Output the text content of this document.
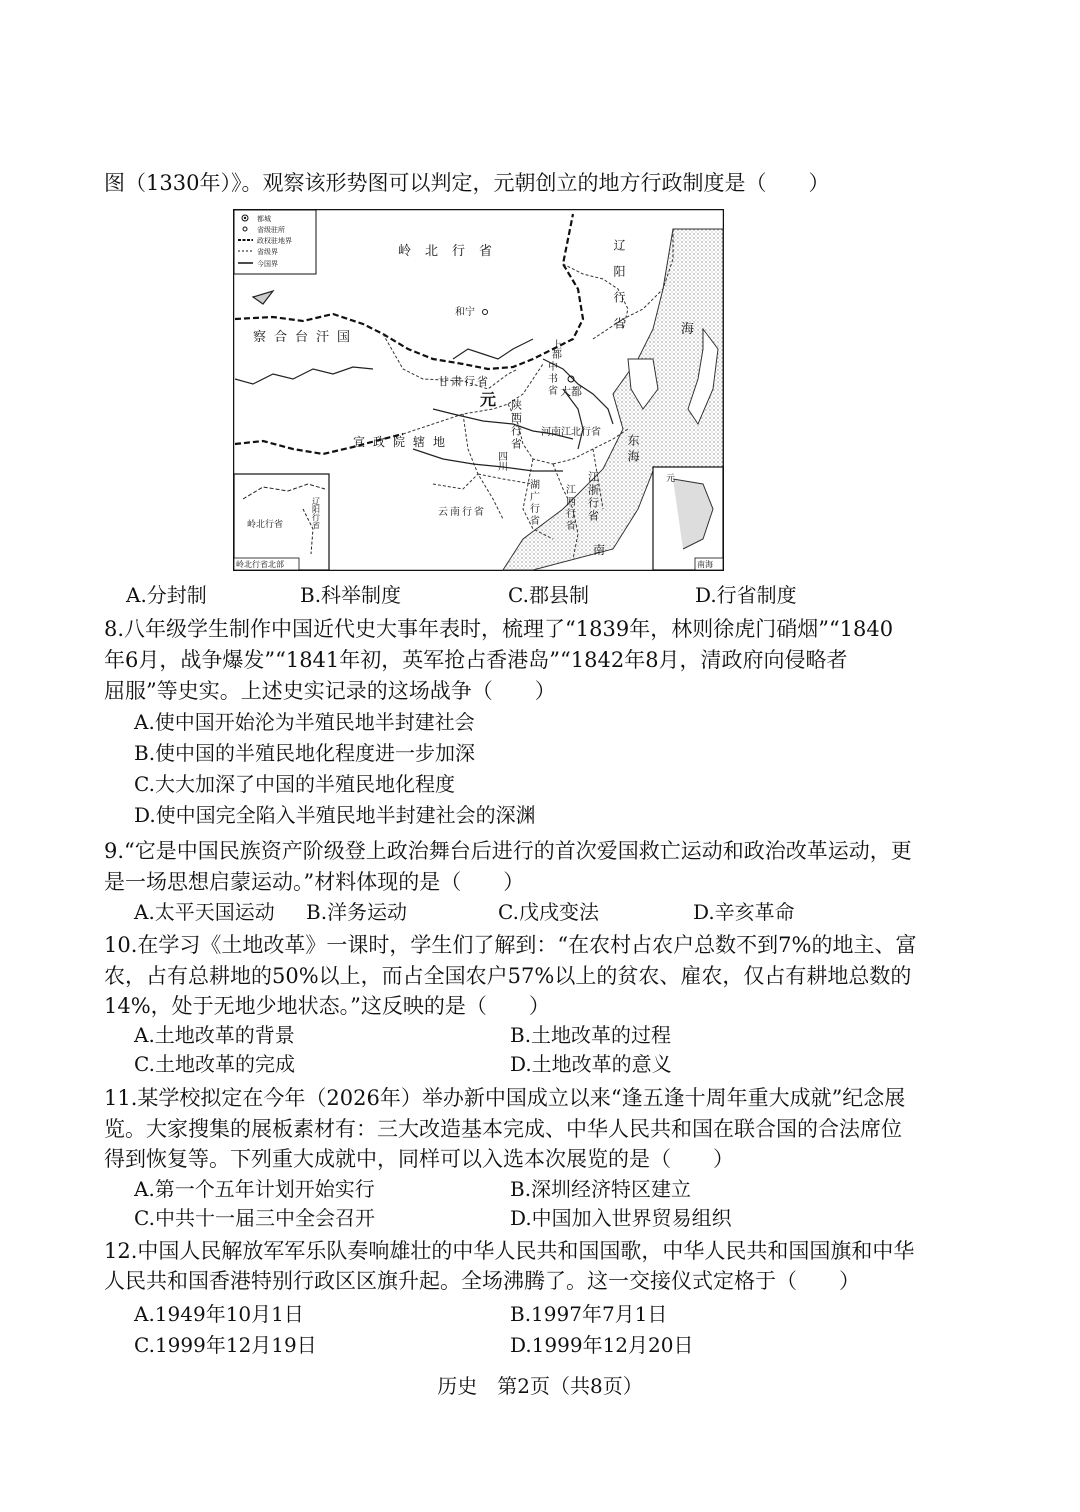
图（1330年）》。观察该形势图可以判定，元朝创立的地方行政制度是（　　）
都城
省级驻所
政权驻地界
省级界
今国界
岭北行省	辽阳行省	海
察合台汗国
和宁
上都
中书省 大都
甘肃行省
元 陕西行省
宣政院辖地
河南江北行省
东海
四川
江浙行省
江西行省
湖广行省
云南行省
南
岭北行省	辽阳行省
岭北行省北部
元
南海
A.分封制	B.科举制度	C.郡县制	D.行省制度
8.八年级学生制作中国近代史大事年表时，梳理了“1839年，林则徐虎门硝烟”“1840
年6月，战争爆发”“1841年初，英军抢占香港岛”“1842年8月，清政府向侵略者
屈服”等史实。上述史实记录的这场战争（　　）
A.使中国开始沦为半殖民地半封建社会
B.使中国的半殖民地化程度进一步加深
C.大大加深了中国的半殖民地化程度
D.使中国完全陷入半殖民地半封建社会的深渊
9.“它是中国民族资产阶级登上政治舞台后进行的首次爱国救亡运动和政治改革运动，更
是一场思想启蒙运动。”材料体现的是（　　）
A.太平天国运动 B.洋务运动	C.戊戌变法	D.辛亥革命
10.在学习《土地改革》一课时，学生们了解到：“在农村占农户总数不到7%的地主、富
农，占有总耕地的50%以上，而占全国农户57%以上的贫农、雇农，仅占有耕地总数的
14%，处于无地少地状态。”这反映的是（　　）
A.土地改革的背景	B.土地改革的过程
C.土地改革的完成	D.土地改革的意义
11.某学校拟定在今年（2026年）举办新中国成立以来“逢五逢十周年重大成就”纪念展
览。大家搜集的展板素材有：三大改造基本完成、中华人民共和国在联合国的合法席位
得到恢复等。下列重大成就中，同样可以入选本次展览的是（　　）
A.第一个五年计划开始实行	B.深圳经济特区建立
C.中共十一届三中全会召开	D.中国加入世界贸易组织
12.中国人民解放军军乐队奏响雄壮的中华人民共和国国歌，中华人民共和国国旗和中华
人民共和国香港特别行政区区旗升起。全场沸腾了。这一交接仪式定格于（　　）
A.1949年10月1日	B.1997年7月1日
C.1999年12月19日	D.1999年12月20日
历史　第2页（共8页）
